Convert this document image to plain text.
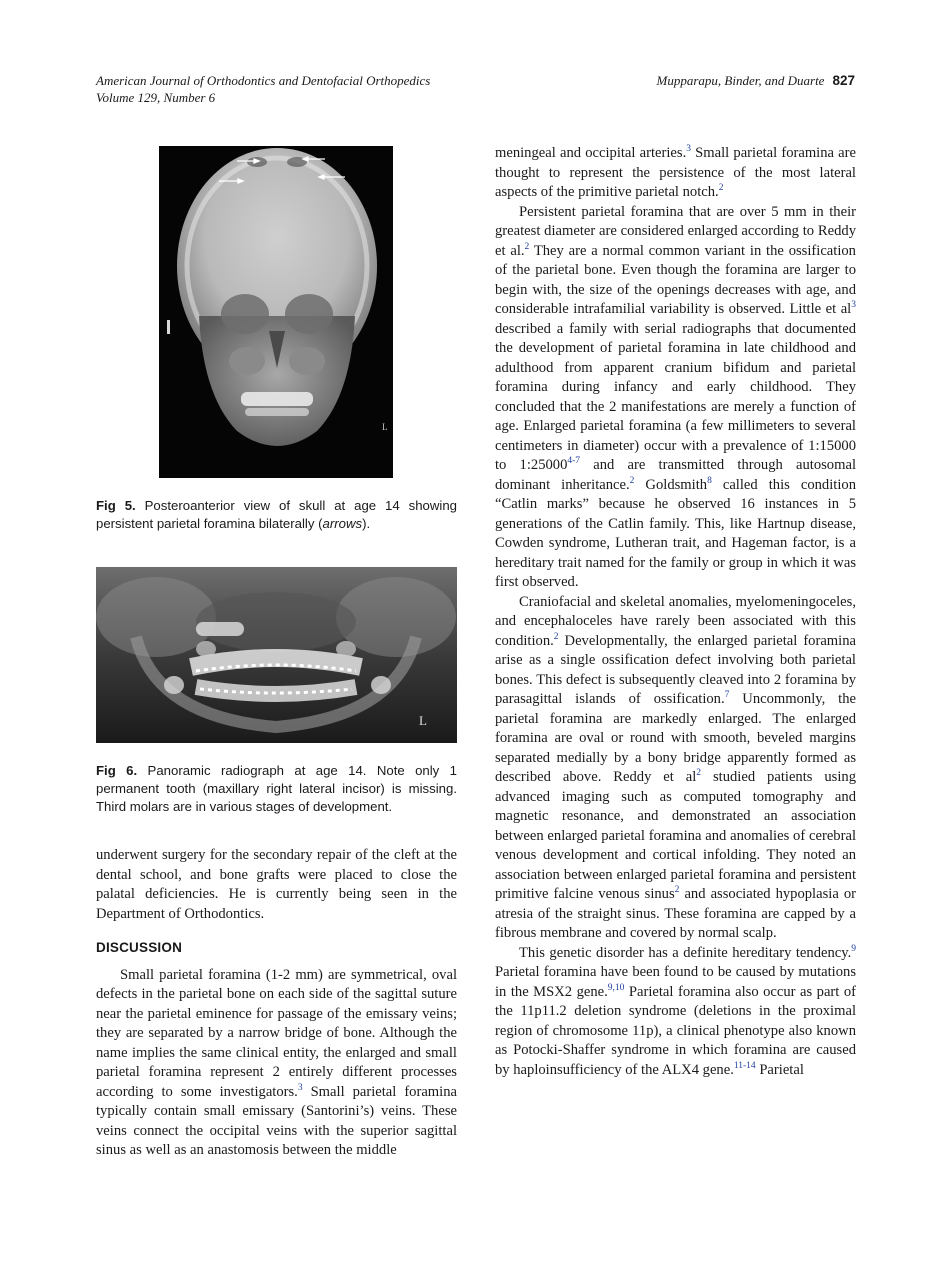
American Journal of Orthodontics and Dentofacial Orthopedics
Volume 129, Number 6
Mupparapu, Binder, and Duarte 827
L
Fig 5. Posteroanterior view of skull at age 14 showing persistent parietal foramina bilaterally (arrows).
L
Fig 6. Panoramic radiograph at age 14. Note only 1 permanent tooth (maxillary right lateral incisor) is missing. Third molars are in various stages of development.

underwent surgery for the secondary repair of the cleft at the dental school, and bone grafts were placed to close the palatal deficiencies. He is currently being seen in the Department of Orthodontics.

DISCUSSION

Small parietal foramina (1-2 mm) are symmetrical, oval defects in the parietal bone on each side of the sagittal suture near the parietal eminence for passage of the emissary veins; they are separated by a narrow bridge of bone. Although the name implies the same clinical entity, the enlarged and small parietal foramina represent 2 entirely different processes according to some investigators.$^3$ Small parietal foramina typically contain small emissary (Santorini’s) veins. These veins connect the occipital veins with the superior sagittal sinus as well as an anastomosis between the middle

meningeal and occipital arteries.$^3$ Small parietal foramina are thought to represent the persistence of the most lateral aspects of the primitive parietal notch.$^2$

Persistent parietal foramina that are over 5 mm in their greatest diameter are considered enlarged according to Reddy et al.$^2$ They are a normal common variant in the ossification of the parietal bone. Even though the foramina are larger to begin with, the size of the openings decreases with age, and considerable intrafamilial variability is observed. Little et $al^3$ described a family with serial radiographs that documented the development of parietal foramina in late childhood and adulthood from apparent cranium bifidum and parietal foramina during infancy and early childhood. They concluded that the 2 manifestations are merely a function of age. Enlarged parietal foramina (a few millimeters to several centimeters in diameter) occur with a prevalence of 1:15000 to 1:25000$^{4-7}$ and are transmitted through autosomal dominant inheritance.$^2$ Goldsmith$^8$ called this condition “Catlin marks” because he observed 16 instances in 5 generations of the Catlin family. This, like Hartnup disease, Cowden syndrome, Lutheran trait, and Hageman factor, is a hereditary trait named for the family or group in which it was first observed.

Craniofacial and skeletal anomalies, myelomeningoceles, and encephaloceles have rarely been associated with this condition.$^2$ Developmentally, the enlarged parietal foramina arise as a single ossification defect involving both parietal bones. This defect is subsequently cleaved into 2 foramina by parasagittal islands of ossification.$^7$ Uncommonly, the parietal foramina are markedly enlarged. The enlarged foramina are oval or round with smooth, beveled margins separated medially by a bony bridge apparently formed as described above. Reddy et $al^2$ studied patients using advanced imaging such as computed tomography and magnetic resonance, and demonstrated an association between enlarged parietal foramina and anomalies of cerebral venous development and cortical infolding. They noted an association between enlarged parietal foramina and persistent primitive falcine venous sinus$^2$ and associated hypoplasia or atresia of the straight sinus. These foramina are capped by a fibrous membrane and covered by normal scalp.

This genetic disorder has a definite hereditary tendency.$^9$ Parietal foramina have been found to be caused by mutations in the MSX2 gene.$^{9,10}$ Parietal foramina also occur as part of the 11p11.2 deletion syndrome (deletions in the proximal region of chromosome 11p), a clinical phenotype also known as Potocki-Shaffer syndrome in which foramina are caused by haploinsufficiency of the ALX4 gene.$^{11-14}$ Parietal
